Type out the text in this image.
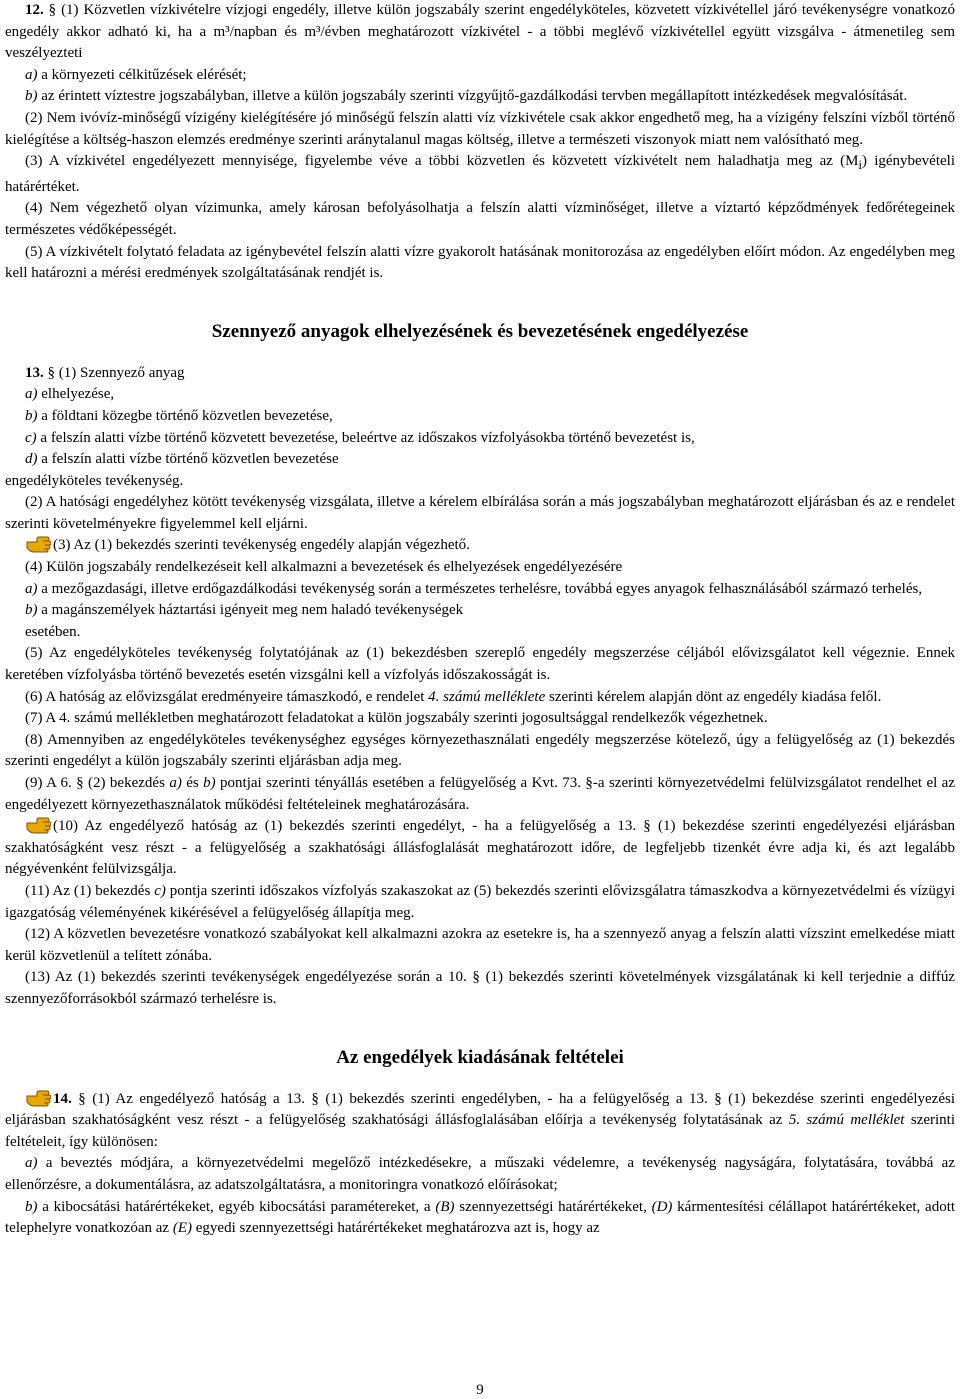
12. § (1) Közvetlen vízkivételre vízjogi engedély, illetve külön jogszabály szerint engedélyköteles, közvetett vízkivétellel járó tevékenységre vonatkozó engedély akkor adható ki, ha a m³/napban és m³/évben meghatározott vízkivétel - a többi meglévő vízkivétellel együtt vizsgálva - átmenetileg sem veszélyezteti

a) a környezeti célkitűzések elérését;

b) az érintett víztestre jogszabályban, illetve a külön jogszabály szerinti vízgyűjtő-gazdálkodási tervben megállapított intézkedések megvalósítását.

(2) Nem ivóvíz-minőségű vízigény kielégítésére jó minőségű felszín alatti víz vízkivétele csak akkor engedhető meg, ha a vízigény felszíni vízből történő kielégítése a költség-haszon elemzés eredménye szerinti aránytalanul magas költség, illetve a természeti viszonyok miatt nem valósítható meg.

(3) A vízkivétel engedélyezett mennyisége, figyelembe véve a többi közvetlen és közvetett vízkivételt nem haladhatja meg az $(M_i)$ igénybevételi határértéket.

(4) Nem végezhető olyan vízimunka, amely károsan befolyásolhatja a felszín alatti vízminőséget, illetve a víztartó képződmények fedőrétegeinek természetes védőképességét.

(5) A vízkivételt folytató feladata az igénybevétel felszín alatti vízre gyakorolt hatásának monitorozása az engedélyben előírt módon. Az engedélyben meg kell határozni a mérési eredmények szolgáltatásának rendjét is.

Szennyező anyagok elhelyezésének és bevezetésének engedélyezése

13. § (1) Szennyező anyag

a) elhelyezése,

b) a földtani közegbe történő közvetlen bevezetése,

c) a felszín alatti vízbe történő közvetett bevezetése, beleértve az időszakos vízfolyásokba történő bevezetést is,

d) a felszín alatti vízbe történő közvetlen bevezetése

engedélyköteles tevékenység.

(2) A hatósági engedélyhez kötött tevékenység vizsgálata, illetve a kérelem elbírálása során a más jogszabályban meghatározott eljárásban és az e rendelet szerinti követelményekre figyelemmel kell eljárni.

(3) Az (1) bekezdés szerinti tevékenység engedély alapján végezhető.

(4) Külön jogszabály rendelkezéseit kell alkalmazni a bevezetések és elhelyezések engedélyezésére

a) a mezőgazdasági, illetve erdőgazdálkodási tevékenység során a természetes terhelésre, továbbá egyes anyagok felhasználásából származó terhelés,

b) a magánszemélyek háztartási igényeit meg nem haladó tevékenységek

esetében.

(5) Az engedélyköteles tevékenység folytatójának az (1) bekezdésben szereplő engedély megszerzése céljából elővizsgálatot kell végeznie. Ennek keretében vízfolyásba történő bevezetés esetén vizsgálni kell a vízfolyás időszakosságát is.

(6) A hatóság az elővizsgálat eredményeire támaszkodó, e rendelet 4. számú melléklete szerinti kérelem alapján dönt az engedély kiadása felől.

(7) A 4. számú mellékletben meghatározott feladatokat a külön jogszabály szerinti jogosultsággal rendelkezők végezhetnek.

(8) Amennyiben az engedélyköteles tevékenységhez egységes környezethasználati engedély megszerzése kötelező, úgy a felügyelőség az (1) bekezdés szerinti engedélyt a külön jogszabály szerinti eljárásban adja meg.

(9) A 6. § (2) bekezdés a) és b) pontjai szerinti tényállás esetében a felügyelőség a Kvt. 73. §-a szerinti környezetvédelmi felülvizsgálatot rendelhet el az engedélyezett környezethasználatok működési feltételeinek meghatározására.

(10) Az engedélyező hatóság az (1) bekezdés szerinti engedélyt, - ha a felügyelőség a 13. § (1) bekezdése szerinti engedélyezési eljárásban szakhatóságként vesz részt - a felügyelőség a szakhatósági állásfoglalását meghatározott időre, de legfeljebb tizenkét évre adja ki, és azt legalább négyévenként felülvizsgálja.

(11) Az (1) bekezdés c) pontja szerinti időszakos vízfolyás szakaszokat az (5) bekezdés szerinti elővizsgálatra támaszkodva a környezetvédelmi és vízügyi igazgatóság véleményének kikérésével a felügyelőség állapítja meg.

(12) A közvetlen bevezetésre vonatkozó szabályokat kell alkalmazni azokra az esetekre is, ha a szennyező anyag a felszín alatti vízszint emelkedése miatt kerül közvetlenül a telített zónába.

(13) Az (1) bekezdés szerinti tevékenységek engedélyezése során a 10. § (1) bekezdés szerinti követelmények vizsgálatának ki kell terjednie a diffúz szennyezőforrásokból származó terhelésre is.

Az engedélyek kiadásának feltételei

14. § (1) Az engedélyező hatóság a 13. § (1) bekezdés szerinti engedélyben, - ha a felügyelőség a 13. § (1) bekezdése szerinti engedélyezési eljárásban szakhatóságként vesz részt - a felügyelőség szakhatósági állásfoglalásában előírja a tevékenység folytatásának az 5. számú melléklet szerinti feltételeit, így különösen:

a) a beveztés módjára, a környezetvédelmi megelőző intézkedésekre, a műszaki védelemre, a tevékenység nagyságára, folytatására, továbbá az ellenőrzésre, a dokumentálásra, az adatszolgáltatásra, a monitoringra vonatkozó előírásokat;

b) a kibocsátási határértékeket, egyéb kibocsátási paramétereket, a (B) szennyezettségi határértékeket, (D) kármentesítési célállapot határértékeket, adott telephelyre vonatkozóan az (E) egyedi szennyezettségi határértékeket meghatározva azt is, hogy az

9
